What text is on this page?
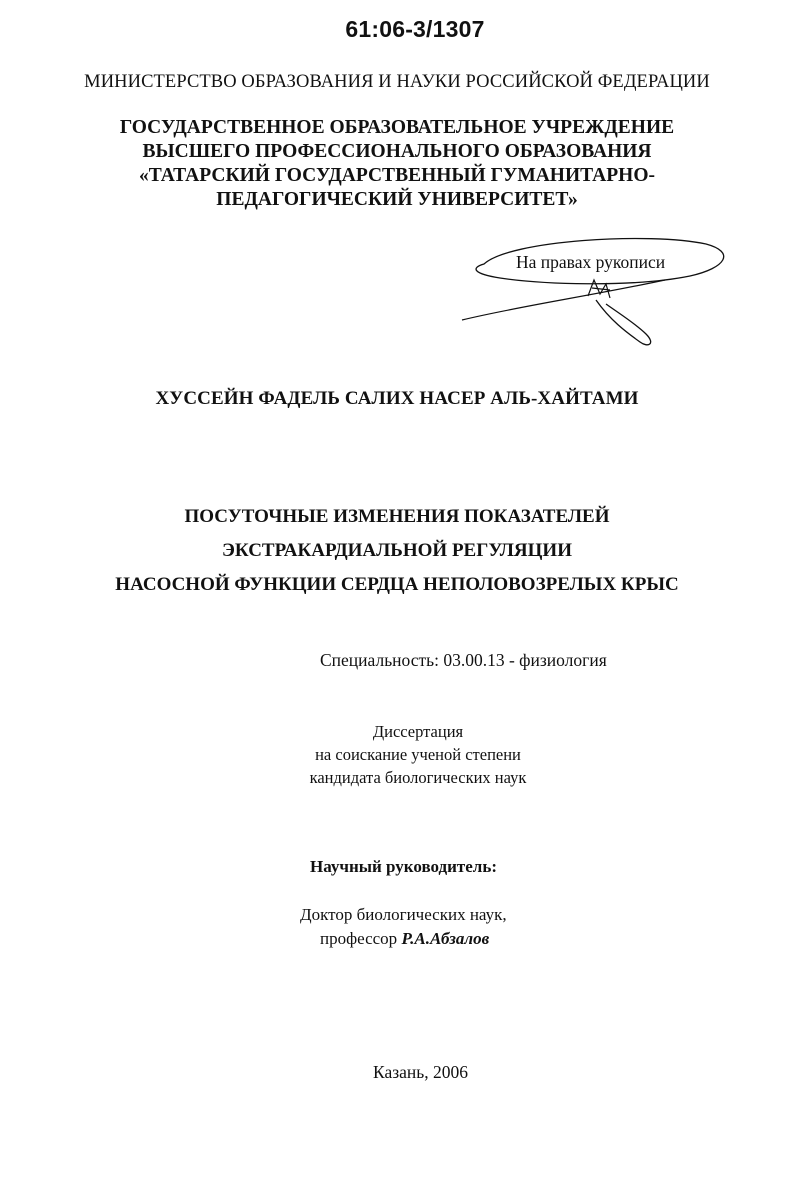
61:06-3/1307
МИНИСТЕРСТВО ОБРАЗОВАНИЯ И НАУКИ РОССИЙСКОЙ ФЕДЕРАЦИИ
ГОСУДАРСТВЕННОЕ ОБРАЗОВАТЕЛЬНОЕ УЧРЕЖДЕНИЕ
ВЫСШЕГО ПРОФЕССИОНАЛЬНОГО ОБРАЗОВАНИЯ
«ТАТАРСКИЙ ГОСУДАРСТВЕННЫЙ ГУМАНИТАРНО-
ПЕДАГОГИЧЕСКИЙ УНИВЕРСИТЕТ»
На правах рукописи
ХУССЕЙН ФАДЕЛЬ САЛИХ НАСЕР АЛЬ-ХАЙТАМИ
ПОСУТОЧНЫЕ ИЗМЕНЕНИЯ ПОКАЗАТЕЛЕЙ
ЭКСТРАКАРДИАЛЬНОЙ РЕГУЛЯЦИИ
НАСОСНОЙ ФУНКЦИИ СЕРДЦА НЕПОЛОВОЗРЕЛЫХ КРЫС
Специальность: 03.00.13 - физиология
Диссертация
на соискание ученой степени
кандидата биологических наук
Научный руководитель:
Доктор биологических наук,
профессор Р.А.Абзалов
Казань, 2006
